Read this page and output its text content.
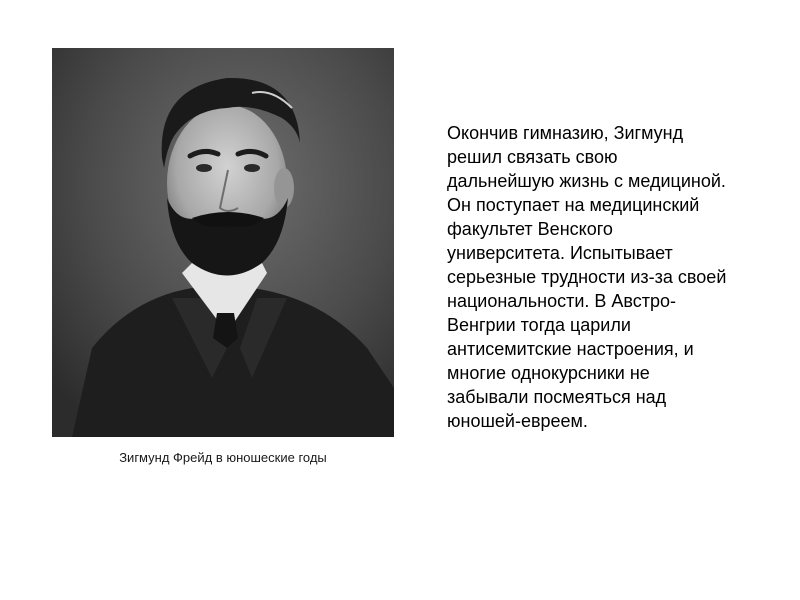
Зигмунд Фрейд в юношеские годы

Окончив гимназию, Зигмунд
решил связать свою
дальнейшую жизнь с медициной.
Он поступает на медицинский
факультет Венского
университета. Испытывает
серьезные трудности из-за своей
национальности. В Австро-
Венгрии тогда царили
антисемитские настроения, и
многие однокурсники не
забывали посмеяться над
юношей-евреем.
